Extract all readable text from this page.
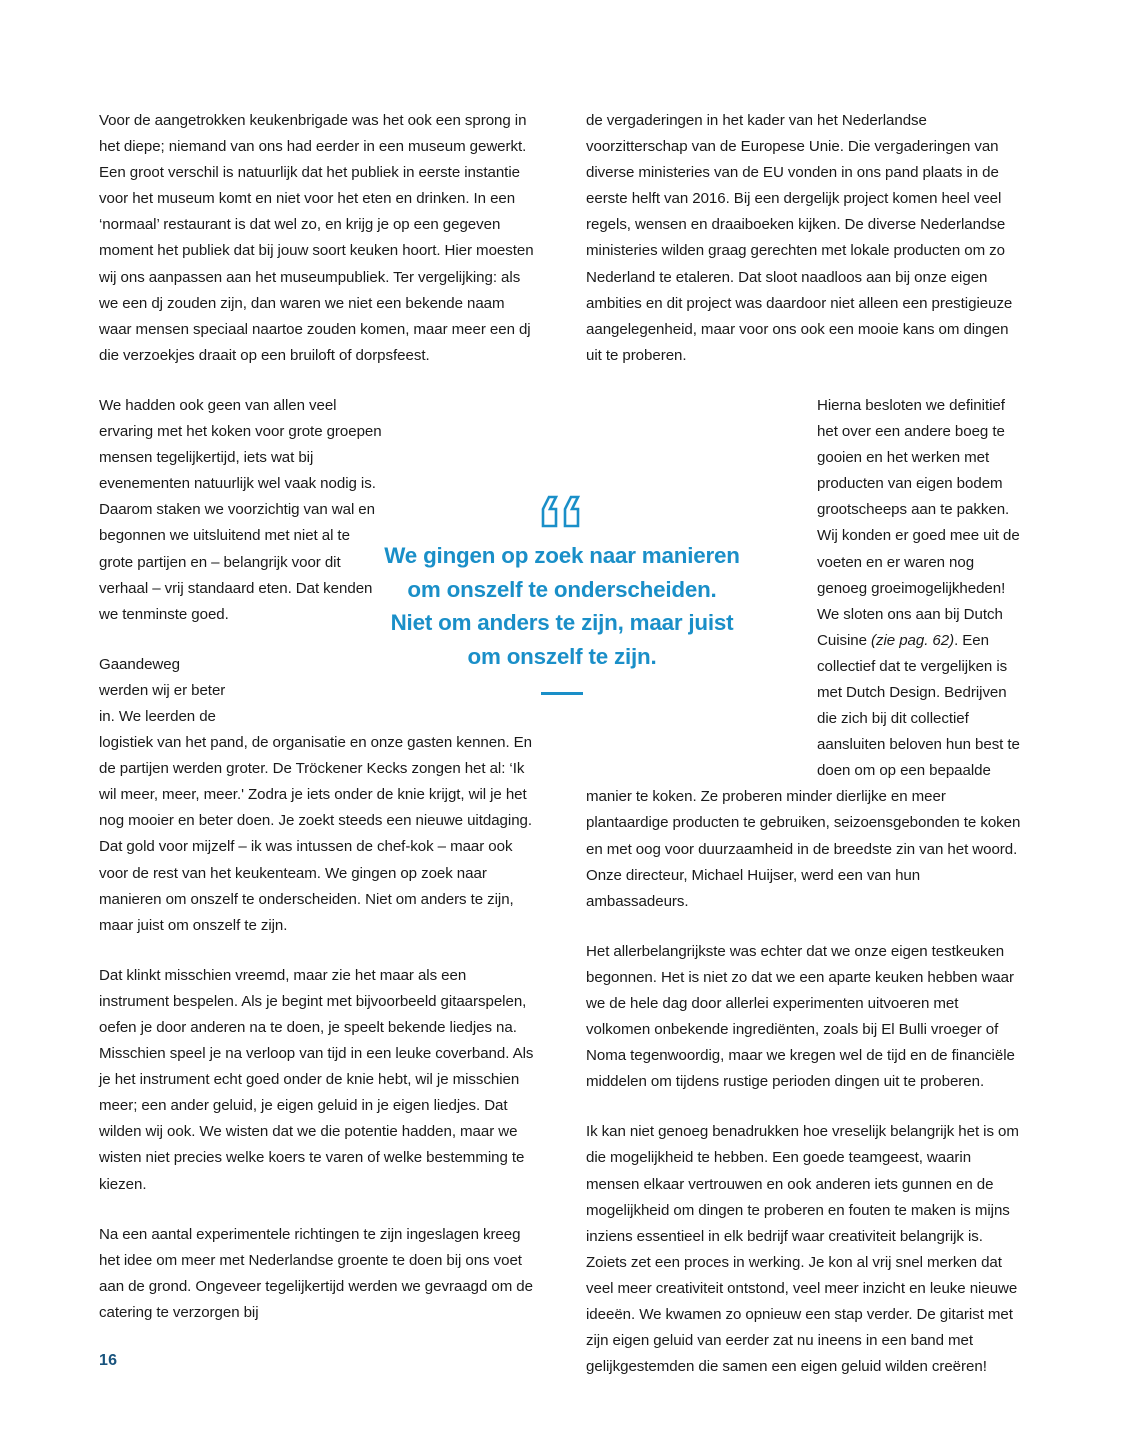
Voor de aangetrokken keukenbrigade was het ook een sprong in het diepe; niemand van ons had eerder in een museum gewerkt. Een groot verschil is natuurlijk dat het publiek in eerste instantie voor het museum komt en niet voor het eten en drinken. In een ‘normaal’ restaurant is dat wel zo, en krijg je op een gegeven moment het publiek dat bij jouw soort keuken hoort. Hier moesten wij ons aanpassen aan het museumpubliek. Ter vergelijking: als we een dj zouden zijn, dan waren we niet een bekende naam waar mensen speciaal naartoe zouden komen, maar meer een dj die verzoekjes draait op een bruiloft of dorpsfeest.

We hadden ook geen van allen veel ervaring met het koken voor grote groepen mensen tegelijkertijd, iets wat bij evenementen natuurlijk wel vaak nodig is. Daarom staken we voorzichtig van wal en begonnen we uitsluitend met niet al te grote partijen en – belangrijk voor dit verhaal – vrij standaard eten. Dat kenden we tenminste goed.

Gaandeweg werden wij er beter in. We leerden de logistiek van het pand, de organisatie en onze gasten kennen. En de partijen werden groter. De Tröckener Kecks zongen het al: ‘Ik wil meer, meer, meer.' Zodra je iets onder de knie krijgt, wil je het nog mooier en beter doen. Je zoekt steeds een nieuwe uitdaging. Dat gold voor mijzelf – ik was intussen de chef-kok – maar ook voor de rest van het keukenteam. We gingen op zoek naar manieren om onszelf te onderscheiden. Niet om anders te zijn, maar juist om onszelf te zijn.

Dat klinkt misschien vreemd, maar zie het maar als een instrument bespelen. Als je begint met bijvoorbeeld gitaarspelen, oefen je door anderen na te doen, je speelt bekende liedjes na. Misschien speel je na verloop van tijd in een leuke coverband. Als je het instrument echt goed onder de knie hebt, wil je misschien meer; een ander geluid, je eigen geluid in je eigen liedjes. Dat wilden wij ook. We wisten dat we die potentie hadden, maar we wisten niet precies welke koers te varen of welke bestemming te kiezen.

Na een aantal experimentele richtingen te zijn ingeslagen kreeg het idee om meer met Nederlandse groente te doen bij ons voet aan de grond. Ongeveer tegelijkertijd werden we gevraagd om de catering te verzorgen bij

de vergaderingen in het kader van het Nederlandse voorzitterschap van de Europese Unie. Die vergaderingen van diverse ministeries van de EU vonden in ons pand plaats in de eerste helft van 2016. Bij een dergelijk project komen heel veel regels, wensen en draaiboeken kijken. De diverse Nederlandse ministeries wilden graag gerechten met lokale producten om zo Nederland te etaleren. Dat sloot naadloos aan bij onze eigen ambities en dit project was daardoor niet alleen een prestigieuze aangelegenheid, maar voor ons ook een mooie kans om dingen uit te proberen.

Hierna besloten we definitief het over een andere boeg te gooien en het werken met producten van eigen bodem grootscheeps aan te pakken. Wij konden er goed mee uit de voeten en er waren nog genoeg groeimogelijkheden! We sloten ons aan bij Dutch Cuisine (zie pag. 62). Een collectief dat te vergelijken is met Dutch Design. Bedrijven die zich bij dit collectief aansluiten beloven hun best te doen om op een bepaalde manier te koken. Ze proberen minder dierlijke en meer plantaardige producten te gebruiken, seizoensgebonden te koken en met oog voor duurzaamheid in de breedste zin van het woord. Onze directeur, Michael Huijser, werd een van hun ambassadeurs.

Het allerbelangrijkste was echter dat we onze eigen testkeuken begonnen. Het is niet zo dat we een aparte keuken hebben waar we de hele dag door allerlei experimenten uitvoeren met volkomen onbekende ingrediënten, zoals bij El Bulli vroeger of Noma tegenwoordig, maar we kregen wel de tijd en de financiële middelen om tijdens rustige perioden dingen uit te proberen.

Ik kan niet genoeg benadrukken hoe vreselijk belangrijk het is om die mogelijkheid te hebben. Een goede teamgeest, waarin mensen elkaar vertrouwen en ook anderen iets gunnen en de mogelijkheid om dingen te proberen en fouten te maken is mijns inziens essentieel in elk bedrijf waar creativiteit belangrijk is. Zoiets zet een proces in werking. Je kon al vrij snel merken dat veel meer creativiteit ontstond, veel meer inzicht en leuke nieuwe ideeën. We kwamen zo opnieuw een stap verder. De gitarist met zijn eigen geluid van eerder zat nu ineens in een band met gelijkgestemden die samen een eigen geluid wilden creëren!

We gingen op zoek naar manieren
om onszelf te onderscheiden.
Niet om anders te zijn, maar juist
om onszelf te zijn.
16
